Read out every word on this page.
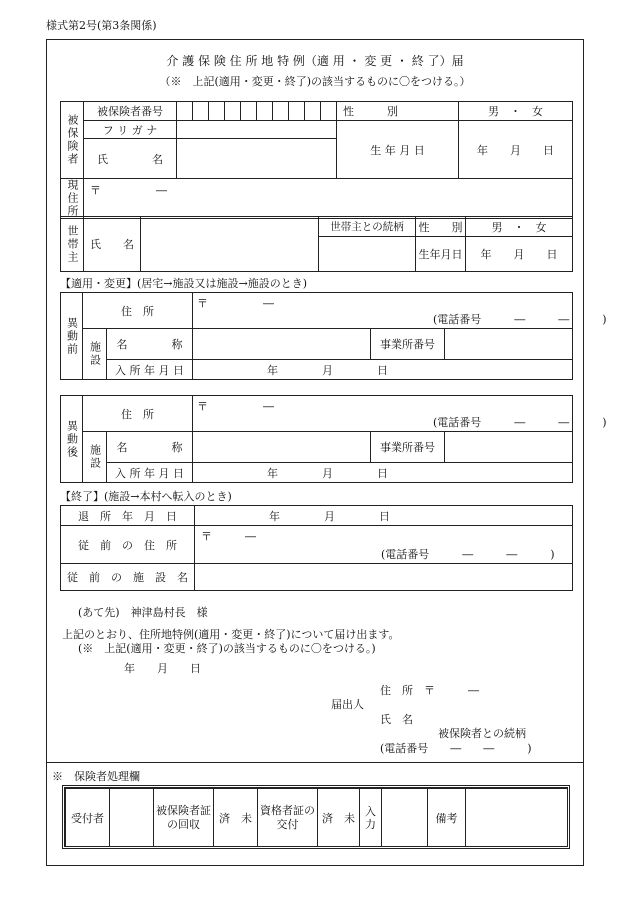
様式第2号(第3条関係)
介 護 保 険 住 所 地 特 例（適 用 ・ 変 更 ・ 終 了）届
（※　上記(適用・変更・終了)の該当するものに〇をつける。）
被保険者	被保険者番号											性　　　別	男　・　女
	フ リ ガ ナ											生 年 月 日	年　　月　　日
	氏　　　　名												
現住所	〒　　　　　―												
世帯主	氏　　名		世帯主との続柄	性　　別	男　・　女
				生年月日	年　　月　　日
【適用・変更】(居宅→施設又は施設→施設のとき)
異動前	住　所		〒　　　　　―
(電話番号　　　―　　　―　　　)		

	施設	名　　　　称		事業所番号	
		入 所 年 月 日	年　　　　月　　　　日		
異動後	住　所		〒　　　　　―
(電話番号　　　―　　　―　　　)		

	施設	名　　　　称		事業所番号	
		入 所 年 月 日	年　　　　月　　　　日		
【終了】(施設→本村へ転入のとき)
退　所　年　月　日	年　　　　月　　　　日
従　前　の　住　所	〒　　　―
(電話番号　　　―　　　―　　　)

従　前　の　施　設　名	
(あて先)　神津島村長　様
上記のとおり、住所地特例(適用・変更・終了)について届け出ます。
(※　上記(適用・変更・終了)の該当するものに〇をつける。)
年　　月　　日
住　所　〒　　　―
届出人
氏　名
被保険者との続柄
(電話番号　　―　　―　　　)
※　保険者処理欄
受付者		被保険者証の回収	済　未	資格者証の交付	済　未	入力		備考	
